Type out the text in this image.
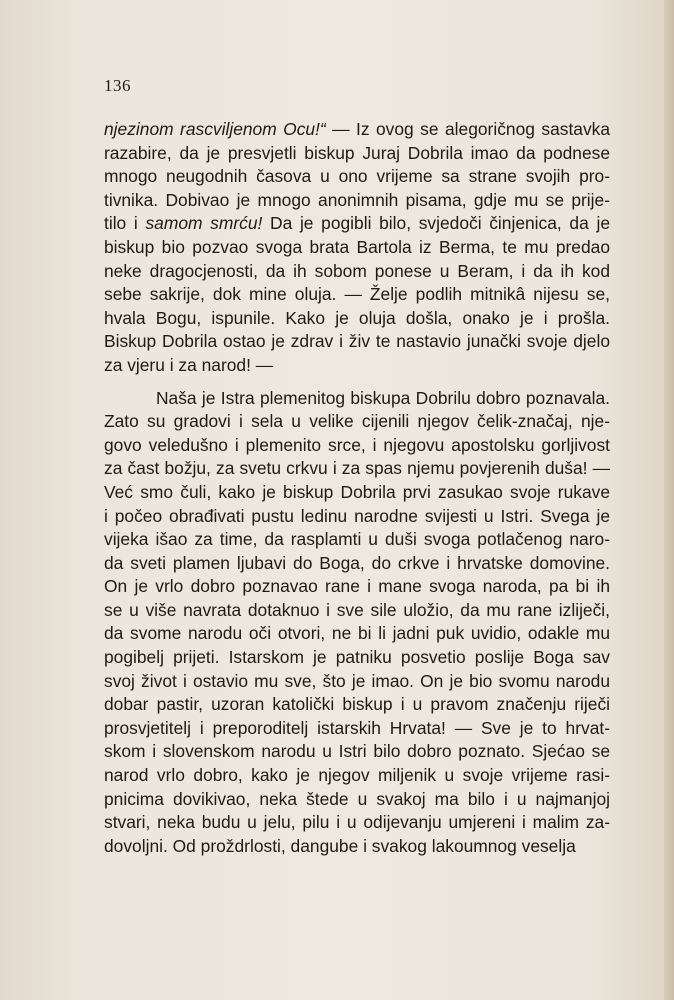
136
njezinom rascviljenom Ocu!“ — Iz ovog se alegoričnog sastavka
razabire, da je presvjetli biskup Juraj Dobrila imao da podnese
mnogo neugodnih časova u ono vrijeme sa strane svojih pro-
tivnika. Dobivao je mnogo anonimnih pisama, gdje mu se prije-
tilo i samom smrću! Da je pogibli bilo, svjedoči činjenica, da je
biskup bio pozvao svoga brata Bartola iz Berma, te mu predao
neke dragocjenosti, da ih sobom ponese u Beram, i da ih kod
sebe sakrije, dok mine oluja. — Želje podlih mitnikâ nijesu se,
hvala Bogu, ispunile. Kako je oluja došla, onako je i prošla.
Biskup Dobrila ostao je zdrav i živ te nastavio junački svoje djelo
za vjeru i za narod! —
Naša je Istra plemenitog biskupa Dobrilu dobro poznavala.
Zato su gradovi i sela u velike cijenili njegov čelik-značaj, nje-
govo veledušno i plemenito srce, i njegovu apostolsku gorljivost
za čast božju, za svetu crkvu i za spas njemu povjerenih duša! —
Već smo čuli, kako je biskup Dobrila prvi zasukao svoje rukave
i počeo obrađivati pustu ledinu narodne svijesti u Istri. Svega je
vijeka išao za time, da rasplamti u duši svoga potlačenog naro-
da sveti plamen ljubavi do Boga, do crkve i hrvatske domovine.
On je vrlo dobro poznavao rane i mane svoga naroda, pa bi ih
se u više navrata dotaknuo i sve sile uložio, da mu rane izliječi,
da svome narodu oči otvori, ne bi li jadni puk uvidio, odakle mu
pogibelj prijeti. Istarskom je patniku posvetio poslije Boga sav
svoj život i ostavio mu sve, što je imao. On je bio svomu narodu
dobar pastir, uzoran katolički biskup i u pravom značenju riječi
prosvjetitelj i preporoditelj istarskih Hrvata! — Sve je to hrvat-
skom i slovenskom narodu u Istri bilo dobro poznato. Sjećao se
narod vrlo dobro, kako je njegov miljenik u svoje vrijeme rasi-
pnicima dovikivao, neka štede u svakoj ma bilo i u najmanjoj
stvari, neka budu u jelu, pilu i u odijevanju umjereni i malim za-
dovoljni. Od proždrlosti, dangube i svakog lakoumnog veselja
